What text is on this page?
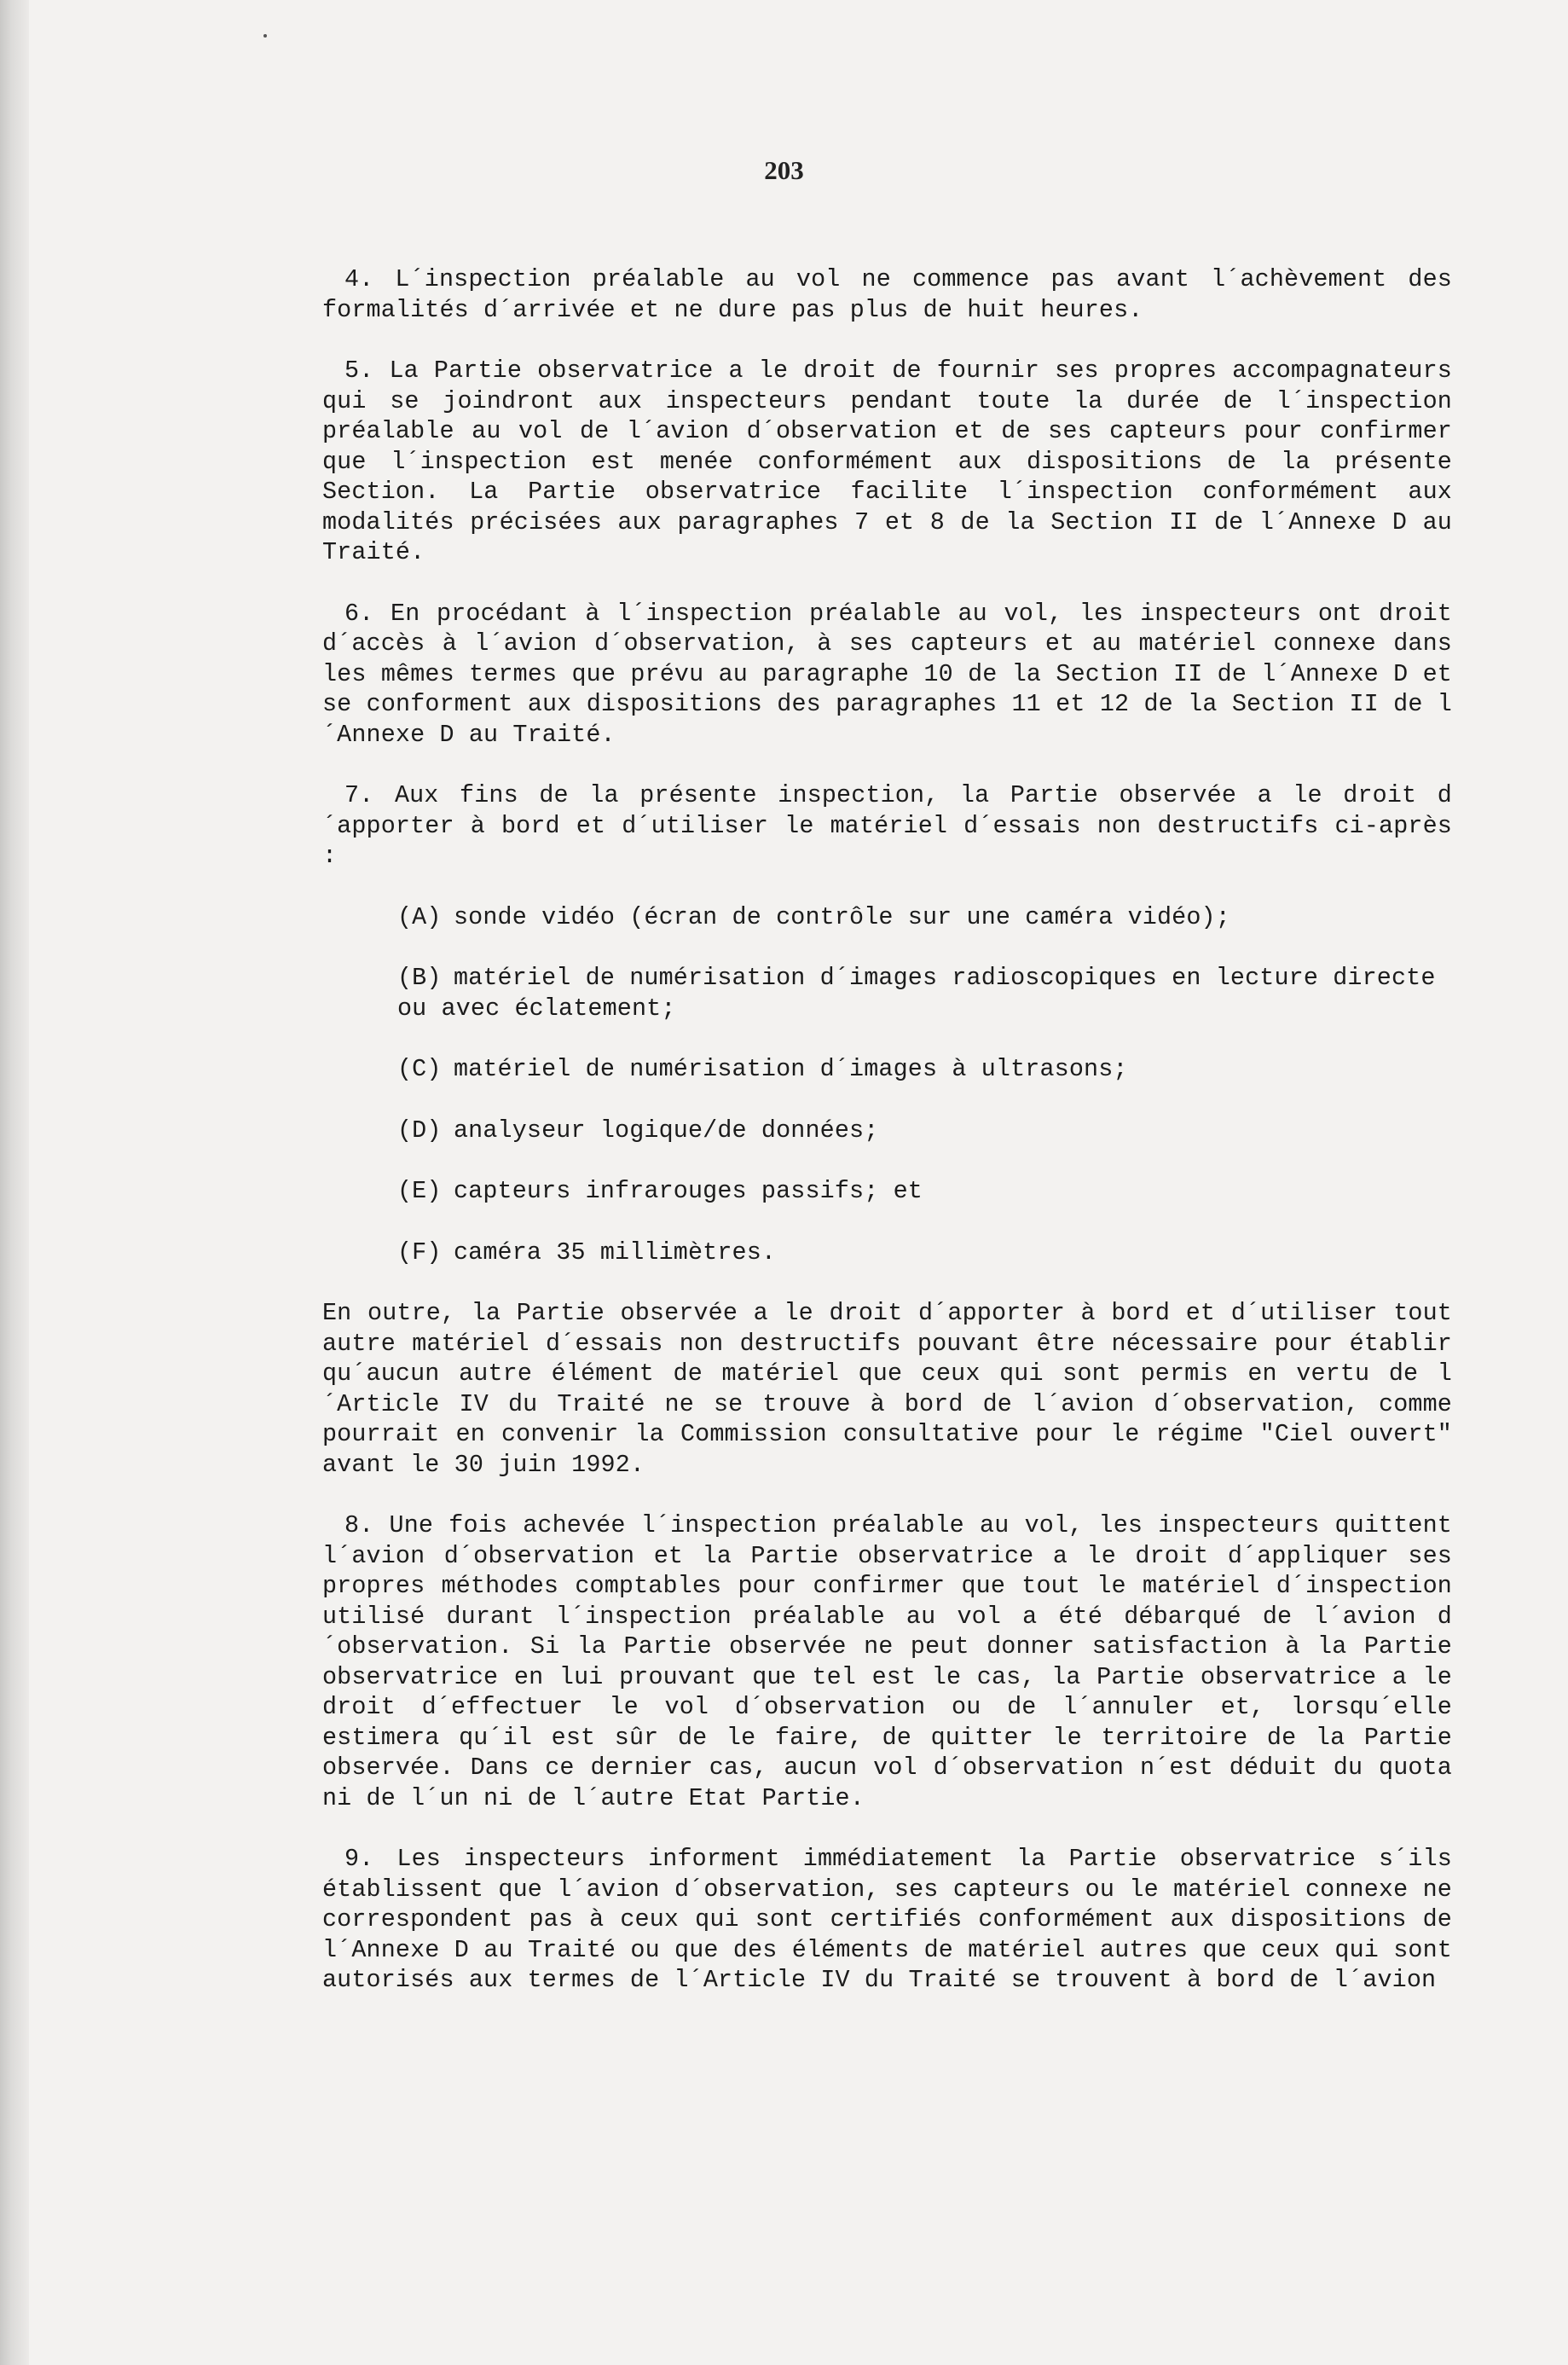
203

4. L´inspection préalable au vol ne commence pas avant l´achèvement des formalités d´arrivée et ne dure pas plus de huit heures.

5. La Partie observatrice a le droit de fournir ses propres accompagnateurs qui se joindront aux inspecteurs pendant toute la durée de l´inspection préalable au vol de l´avion d´observation et de ses capteurs pour confirmer que l´inspection est menée conformément aux dispositions de la présente Section. La Partie observatrice facilite l´inspection conformément aux modalités précisées aux paragraphes 7 et 8 de la Section II de l´Annexe D au Traité.

6. En procédant à l´inspection préalable au vol, les inspecteurs ont droit d´accès à l´avion d´observation, à ses capteurs et au matériel connexe dans les mêmes termes que prévu au paragraphe 10 de la Section II de l´Annexe D et se conforment aux dispositions des paragraphes 11 et 12 de la Section II de l´Annexe D au Traité.

7. Aux fins de la présente inspection, la Partie observée a le droit d´apporter à bord et d´utiliser le matériel d´essais non destructifs ci-après :

(A) sonde vidéo (écran de contrôle sur une caméra vidéo);
(B) matériel de numérisation d´images radioscopiques en lecture directe
ou avec éclatement;
(C) matériel de numérisation d´images à ultrasons;
(D) analyseur logique/de données;
(E) capteurs infrarouges passifs; et
(F) caméra 35 millimètres.

En outre, la Partie observée a le droit d´apporter à bord et d´utiliser tout autre matériel d´essais non destructifs pouvant être nécessaire pour établir qu´aucun autre élément de matériel que ceux qui sont permis en vertu de l´Article IV du Traité ne se trouve à bord de l´avion d´observation, comme pourrait en convenir la Commission consultative pour le régime "Ciel ouvert" avant le 30 juin 1992.

8. Une fois achevée l´inspection préalable au vol, les inspecteurs quittent l´avion d´observation et la Partie observatrice a le droit d´appliquer ses propres méthodes comptables pour confirmer que tout le matériel d´inspection utilisé durant l´inspection préalable au vol a été débarqué de l´avion d´observation. Si la Partie observée ne peut donner satisfaction à la Partie observatrice en lui prouvant que tel est le cas, la Partie observatrice a le droit d´effectuer le vol d´observation ou de l´annuler et, lorsqu´elle estimera qu´il est sûr de le faire, de quitter le territoire de la Partie observée. Dans ce dernier cas, aucun vol d´observation n´est déduit du quota ni de l´un ni de l´autre Etat Partie.

9. Les inspecteurs informent immédiatement la Partie observatrice s´ils établissent que l´avion d´observation, ses capteurs ou le matériel connexe ne correspondent pas à ceux qui sont certifiés conformément aux dispositions de l´Annexe D au Traité ou que des éléments de matériel autres que ceux qui sont autorisés aux termes de l´Article IV du Traité se trouvent à bord de l´avion
